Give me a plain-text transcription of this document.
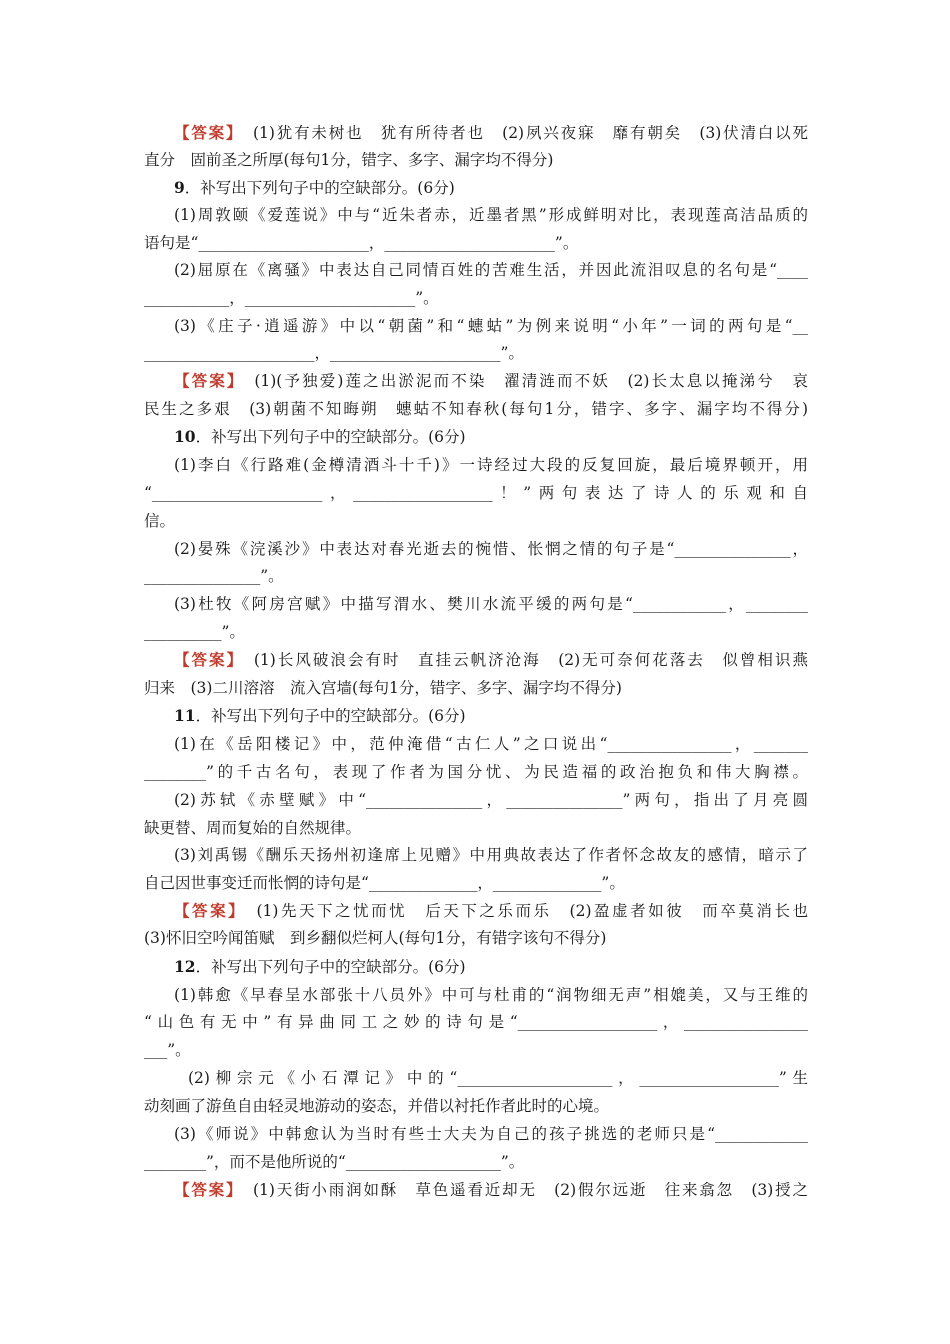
【答案】　(1)犹有未树也　犹有所待者也　(2)夙兴夜寐　靡有朝矣　(3)伏清白以死
直分　固前圣之所厚(每句1分，错字、多字、漏字均不得分)
9．补写出下列句子中的空缺部分。(6分)
(1)周敦颐《爱莲说》中与“近朱者赤，近墨者黑”形成鲜明对比，表现莲高洁品质的
语句是“______________________，______________________”。
(2)屈原在《离骚》中表达自己同情百姓的苦难生活，并因此流泪叹息的名句是“____
___________，______________________”。
(3)《庄子·逍遥游》中以“朝菌”和“蟪蛄”为例来说明“小年”一词的两句是“__
______________________，______________________”。
【答案】　(1)(予独爱)莲之出淤泥而不染　濯清涟而不妖　(2)长太息以掩涕兮　哀
民生之多艰　(3)朝菌不知晦朔　蟪蛄不知春秋(每句1分，错字、多字、漏字均不得分)
10．补写出下列句子中的空缺部分。(6分)
(1)李白《行路难(金樽清酒斗十千)》一诗经过大段的反复回旋，最后境界顿开，用
“______________________，__________________！”两句表达了诗人的乐观和自
信。
(2)晏殊《浣溪沙》中表达对春光逝去的惋惜、怅惘之情的句子是“_______________，
_______________”。
(3)杜牧《阿房宫赋》中描写渭水、樊川水流平缓的两句是“____________，________
__________”。
【答案】　(1)长风破浪会有时　直挂云帆济沧海　(2)无可奈何花落去　似曾相识燕
归来　(3)二川溶溶　流入宫墙(每句1分，错字、多字、漏字均不得分)
11．补写出下列句子中的空缺部分。(6分)
(1)在《岳阳楼记》中，范仲淹借“古仁人”之口说出“________________，_______
________”的千古名句，表现了作者为国分忧、为民造福的政治抱负和伟大胸襟。
(2)苏轼《赤壁赋》中“_______________，_______________”两句，指出了月亮圆
缺更替、周而复始的自然规律。
(3)刘禹锡《酬乐天扬州初逢席上见赠》中用典故表达了作者怀念故友的感情，暗示了
自己因世事变迁而怅惘的诗句是“______________，______________”。
【答案】　(1)先天下之忧而忧　后天下之乐而乐　(2)盈虚者如彼　而卒莫消长也
(3)怀旧空吟闻笛赋　到乡翻似烂柯人(每句1分，有错字该句不得分)
12．补写出下列句子中的空缺部分。(6分)
(1)韩愈《早春呈水部张十八员外》中可与杜甫的“润物细无声”相媲美，又与王维的
“山色有无中”有异曲同工之妙的诗句是“__________________，________________
___”。
(2)柳宗元《小石潭记》中的“____________________，__________________”生
动刻画了游鱼自由轻灵地游动的姿态，并借以衬托作者此时的心境。
(3)《师说》中韩愈认为当时有些士大夫为自己的孩子挑选的老师只是“____________
________”，而不是他所说的“____________________”。
【答案】　(1)天街小雨润如酥　草色遥看近却无　(2)假尔远逝　往来翕忽　(3)授之
